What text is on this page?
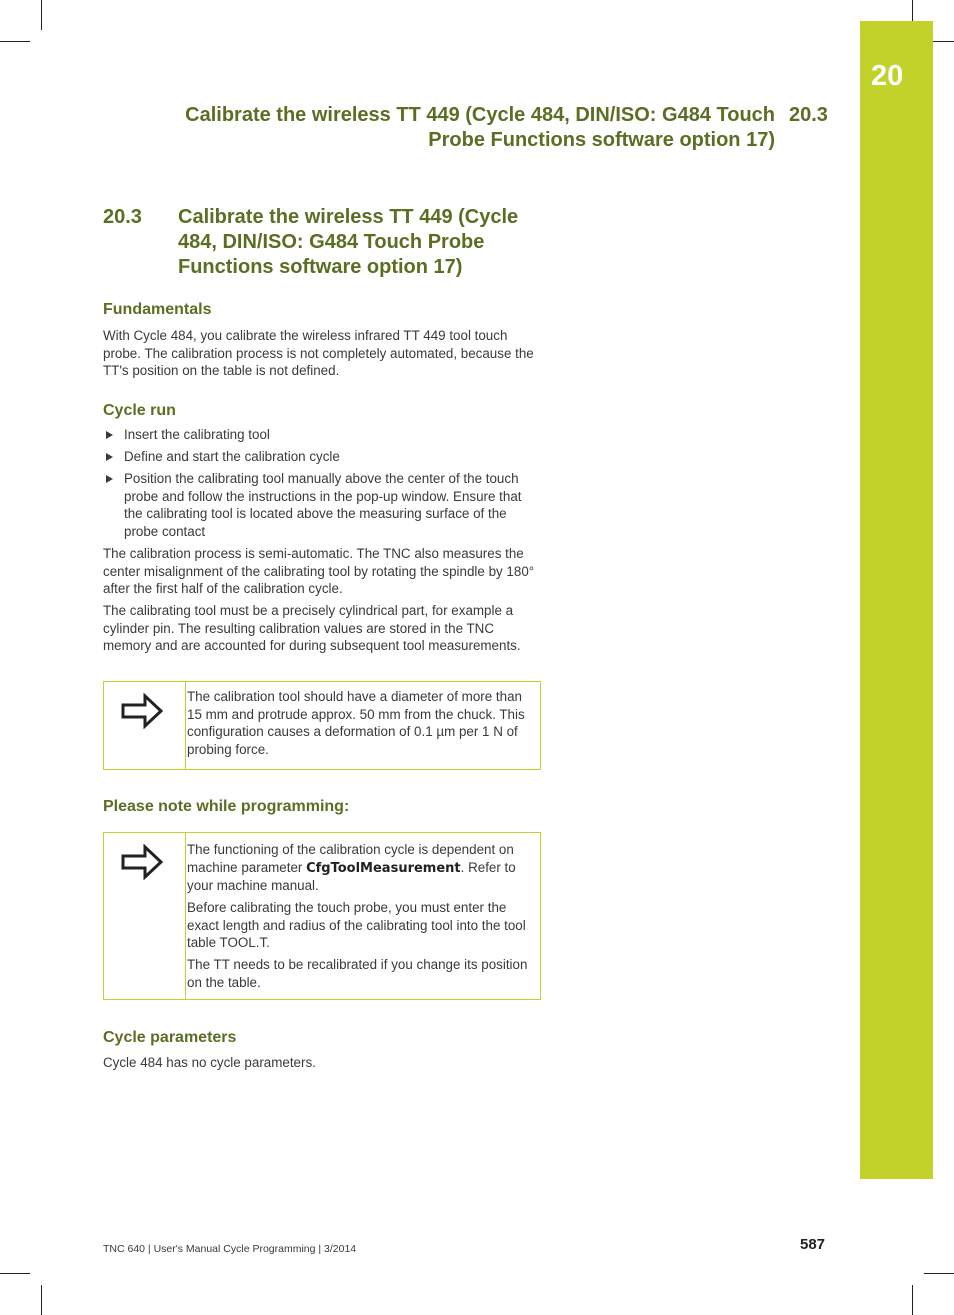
20
Calibrate the wireless TT 449 (Cycle 484, DIN/ISO: G484 Touch Probe Functions software option 17)
20.3
20.3 Calibrate the wireless TT 449 (Cycle 484, DIN/ISO: G484 Touch Probe Functions software option 17)
Fundamentals

With Cycle 484, you calibrate the wireless infrared TT 449 tool touch probe. The calibration process is not completely automated, because the TT's position on the table is not defined.

Cycle run
Insert the calibrating tool
Define and start the calibration cycle
Position the calibrating tool manually above the center of the touch probe and follow the instructions in the pop-up window. Ensure that the calibrating tool is located above the measuring surface of the probe contact

The calibration process is semi-automatic. The TNC also measures the center misalignment of the calibrating tool by rotating the spindle by 180° after the first half of the calibration cycle.

The calibrating tool must be a precisely cylindrical part, for example a cylinder pin. The resulting calibration values are stored in the TNC memory and are accounted for during subsequent tool measurements.

The calibration tool should have a diameter of more than 15 mm and protrude approx. 50 mm from the chuck. This configuration causes a deformation of 0.1 µm per 1 N of probing force.

Please note while programming:

The functioning of the calibration cycle is dependent on machine parameter CfgToolMeasurement. Refer to your machine manual.

Before calibrating the touch probe, you must enter the exact length and radius of the calibrating tool into the tool table TOOL.T.

The TT needs to be recalibrated if you change its position on the table.

Cycle parameters

Cycle 484 has no cycle parameters.

TNC 640 | User's Manual Cycle Programming | 3/2014	587
